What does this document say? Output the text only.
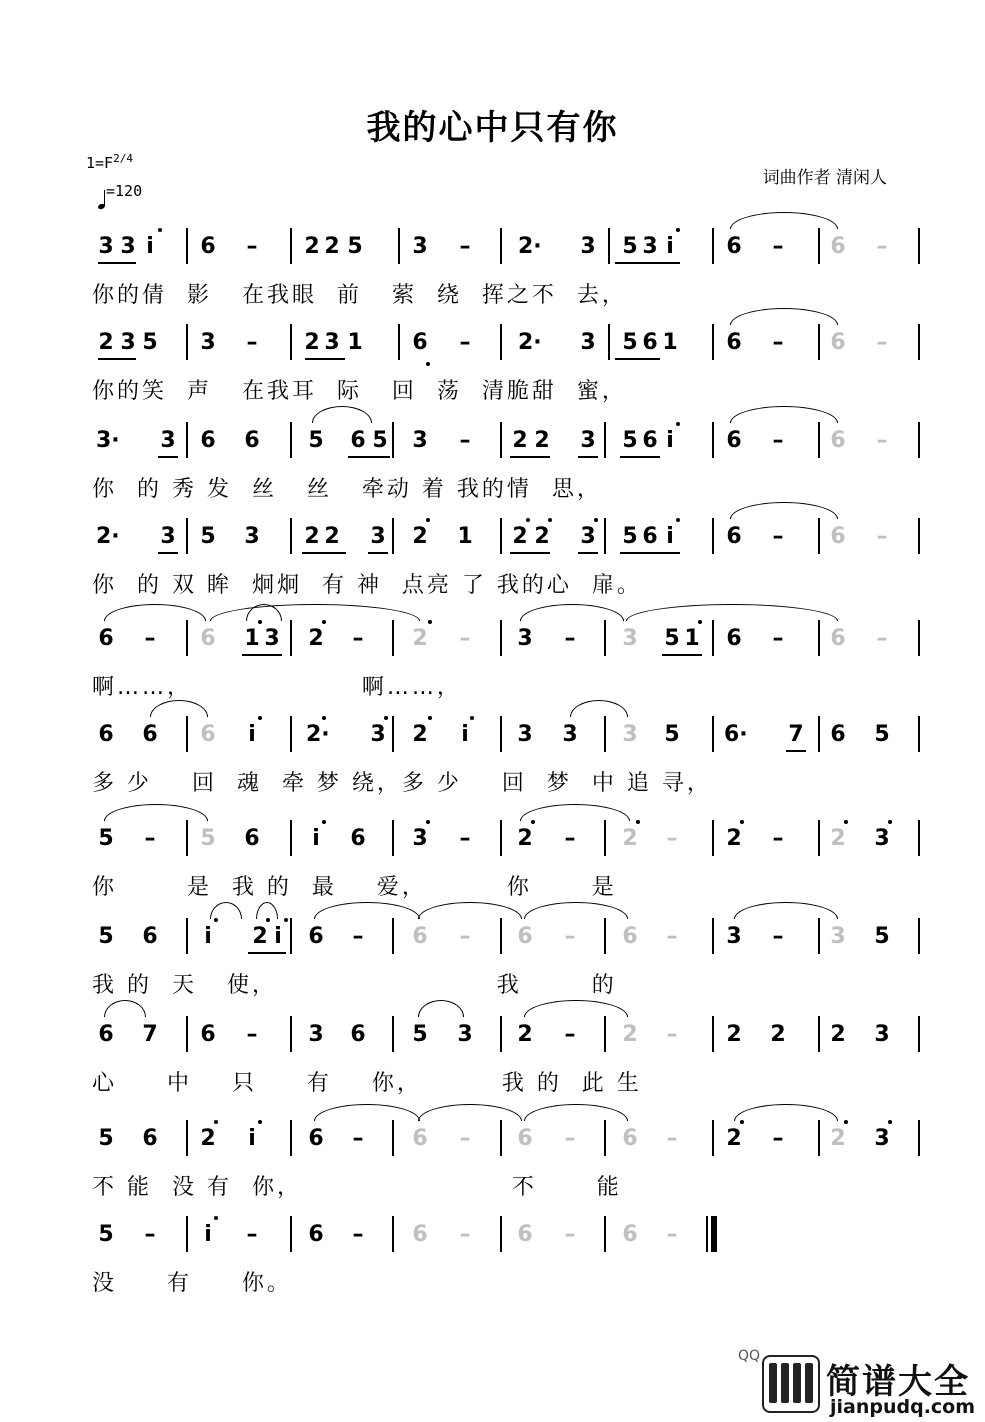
我的心中只有你
$1=F^{2/4}$
=120
词曲作者 清闲人
3 3 i 6 – 2 2 5 3 – 2· 3 5 3 i 6 – 6 –
你的倩  影   在我眼  前   萦  绕  挥之不  去，
2 3 5 3 – 2 3 1 6 – 2· 3 5 6 1 6 – 6 –
你的笑  声   在我耳  际   回  荡  清脆甜  蜜，
3· 3 6 6 5 6 5 3 – 2 2 3 5 6 i 6 – 6 –
你  的 秀 发  丝   丝   牵动 着 我的情  思，
2· 3 5 3 2 2 3 2 1 2 2 3 5 6 i 6 – 6 –
你  的 双 眸  炯炯  有 神  点亮 了 我的心  扉。
6 – 6 1 3 2 – 2 – 3 – 3 5 1 6 – 6 –
啊……，                 啊……，
6 6 6 i 2· 3 2 i 3 3 3 5 6· 7 6 5
多 少    回  魂  牵 梦 绕，多 少    回  梦  中 追 寻，
5 – 5 6 i 6 3 – 2 – 2 – 2 – 2 3
你       是  我 的  最    爱，        你      是
5 6 i 2 i 6 – 6 – 6 – 6 – 3 – 3 5
我 的  天   使，                      我       的
6 7 6 – 3 6 5 3 2 – 2 – 2 2 2 3
心     中    只     有    你，        我 的  此 生
5 6 2 i 6 – 6 – 6 – 6 – 2 – 2 3
不 能  没 有  你，                     不      能
5 – i – 6 – 6 – 6 – 6 –
没     有     你。
QQ
简谱大全
jianpudq.com
